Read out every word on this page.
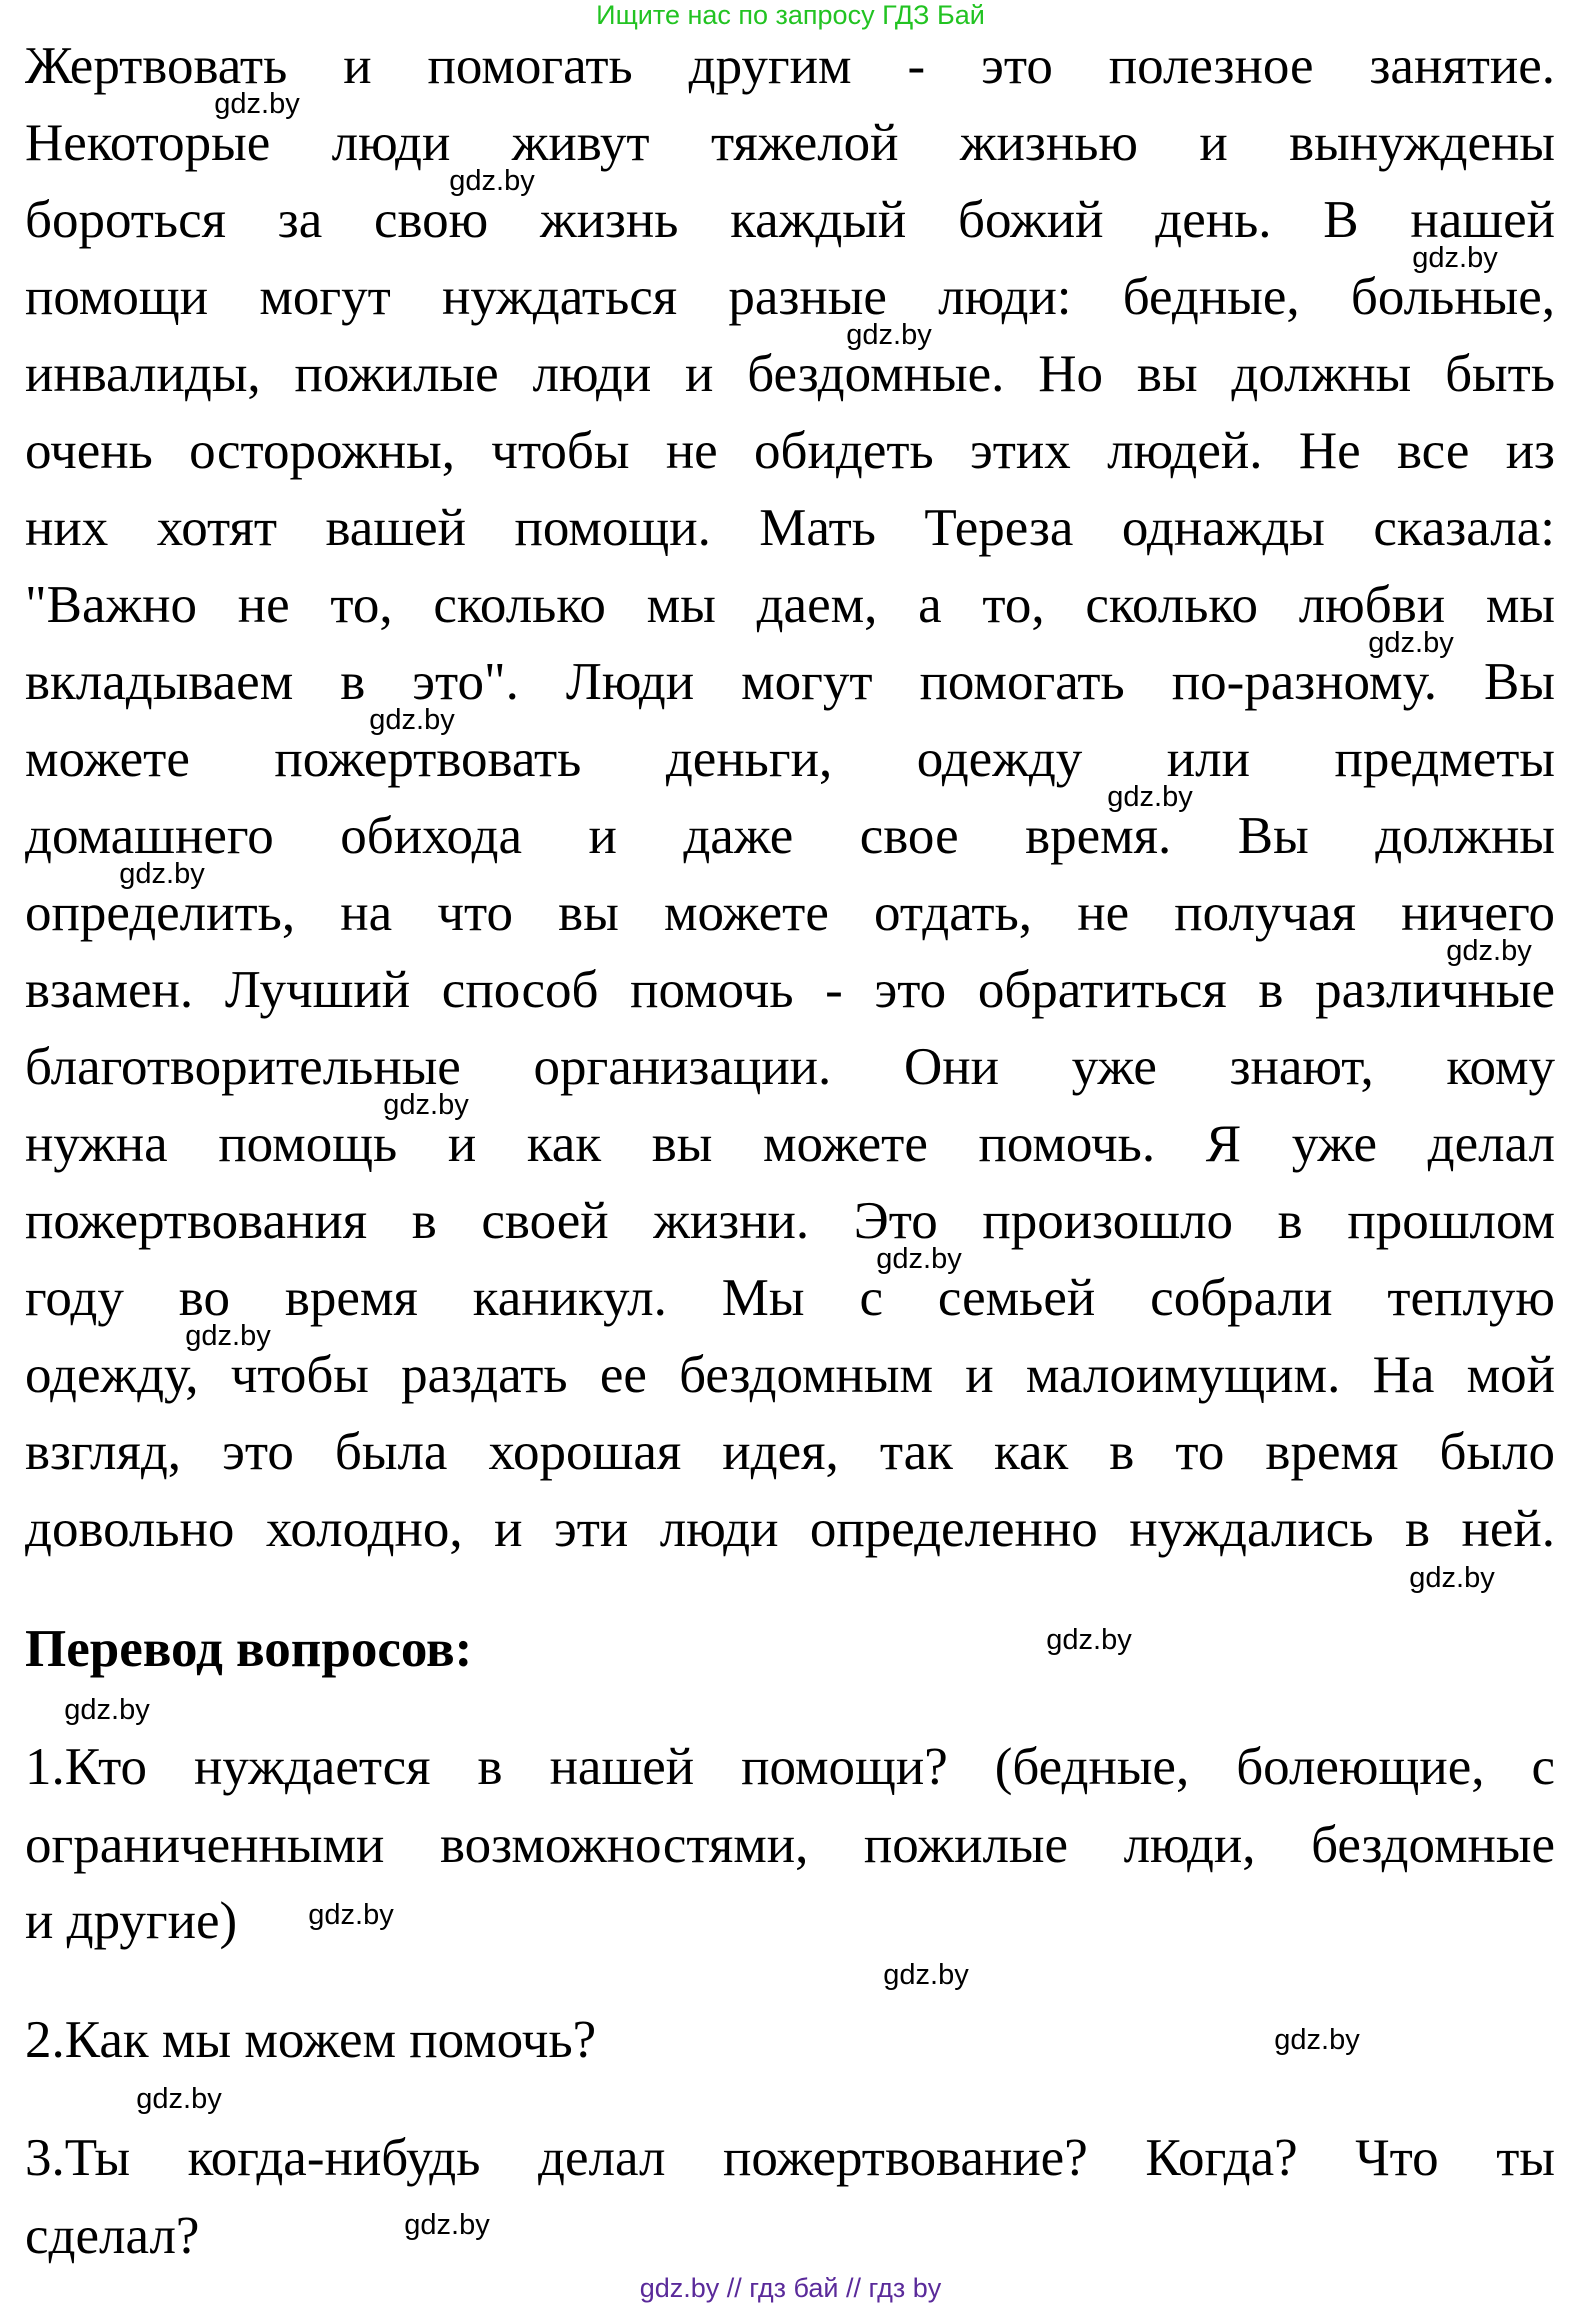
Ищите нас по запросу ГДЗ Бай
Жертвовать и помогать другим - это полезное занятие.
Некоторые люди живут тяжелой жизнью и вынуждены
бороться за свою жизнь каждый божий день. В нашей
помощи могут нуждаться разные люди: бедные, больные,
инвалиды, пожилые люди и бездомные. Но вы должны быть
очень осторожны, чтобы не обидеть этих людей. Не все из
них хотят вашей помощи. Мать Тереза однажды сказала:
"Важно не то, сколько мы даем, а то, сколько любви мы
вкладываем в это". Люди могут помогать по-разному. Вы
можете пожертвовать деньги, одежду или предметы
домашнего обихода и даже свое время. Вы должны
определить, на что вы можете отдать, не получая ничего
взамен. Лучший способ помочь - это обратиться в различные
благотворительные организации. Они уже знают, кому
нужна помощь и как вы можете помочь. Я уже делал
пожертвования в своей жизни. Это произошло в прошлом
году во время каникул. Мы с семьей собрали теплую
одежду, чтобы раздать ее бездомным и малоимущим. На мой
взгляд, это была хорошая идея, так как в то время было
довольно холодно, и эти люди определенно нуждались в ней.
Перевод вопросов:
1.Кто нуждается в нашей помощи? (бедные, болеющие, с
ограниченными возможностями, пожилые люди, бездомные
и другие)
2.Как мы можем помочь?
3.Ты когда-нибудь делал пожертвование? Когда? Что ты
сделал?
gdz.by
gdz.by
gdz.by
gdz.by
gdz.by
gdz.by
gdz.by
gdz.by
gdz.by
gdz.by
gdz.by
gdz.by
gdz.by
gdz.by
gdz.by
gdz.by
gdz.by
gdz.by
gdz.by
gdz.by
gdz.by // гдз бай // гдз by
